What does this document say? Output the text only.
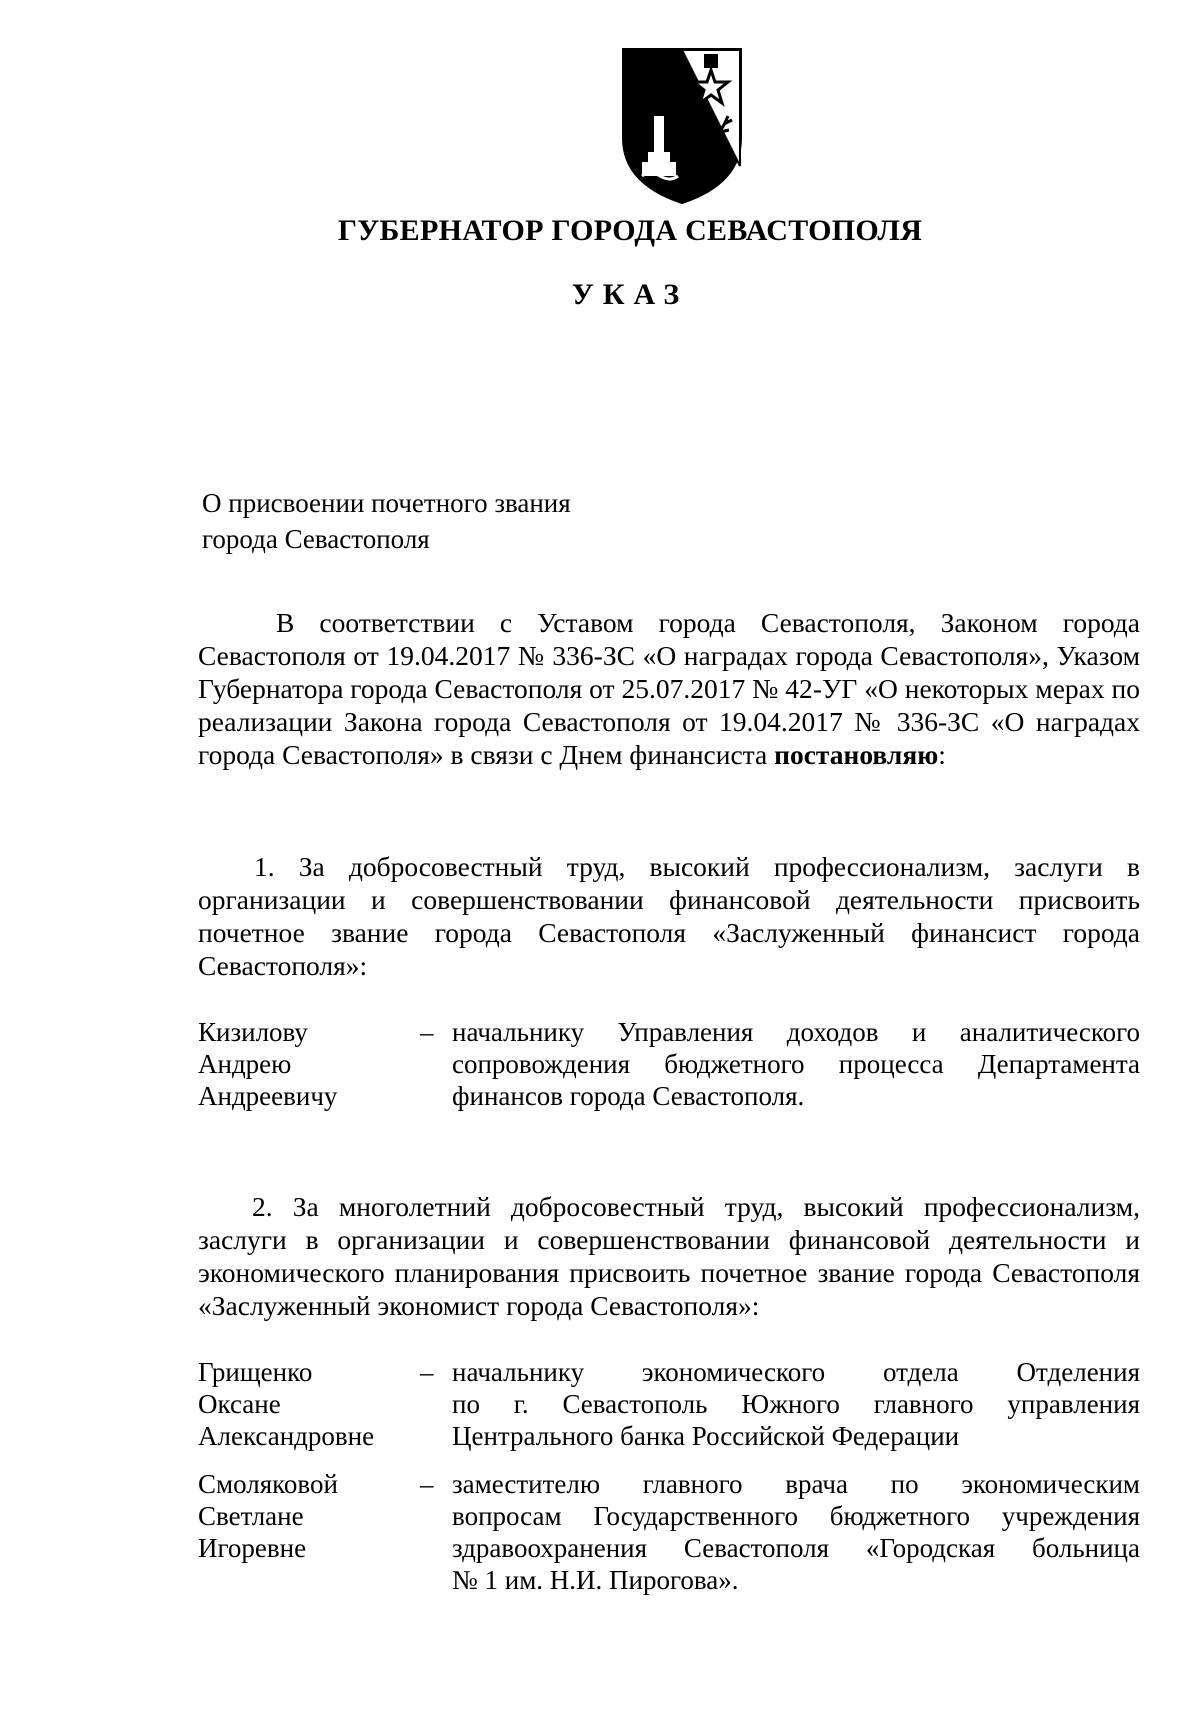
ГУБЕРНАТОР ГОРОДА СЕВАСТОПОЛЯ
УКАЗ
О присвоении почетного звания
города Севастополя
В соответствии с Уставом города Севастополя, Законом города Севастополя от 19.04.2017 № 336-ЗС «О наградах города Севастополя», Указом Губернатора города Севастополя от 25.07.2017 № 42-УГ «О некоторых мерах по реализации Закона города Севастополя от 19.04.2017 № 336-ЗС «О наградах города Севастополя» в связи с Днем финансиста постановляю:
1. За добросовестный труд, высокий профессионализм, заслуги в организации и совершенствовании финансовой деятельности присвоить почетное звание города Севастополя «Заслуженный финансист города Севастополя»:
Кизилову
Андрею
Андреевичу
– начальнику Управления доходов и аналитического
сопровождения бюджетного процесса Департамента
финансов города Севастополя.
2. За многолетний добросовестный труд, высокий профессионализм, заслуги в организации и совершенствовании финансовой деятельности и экономического планирования присвоить почетное звание города Севастополя «Заслуженный экономист города Севастополя»:
Грищенко
Оксане
Александровне
– начальнику экономического отдела Отделения
по г. Севастополь Южного главного управления
Центрального банка Российской Федерации
Смоляковой
Светлане
Игоревне
– заместителю главного врача по экономическим
вопросам Государственного бюджетного учреждения
здравоохранения Севастополя «Городская больница
№ 1 им. Н.И. Пирогова».
